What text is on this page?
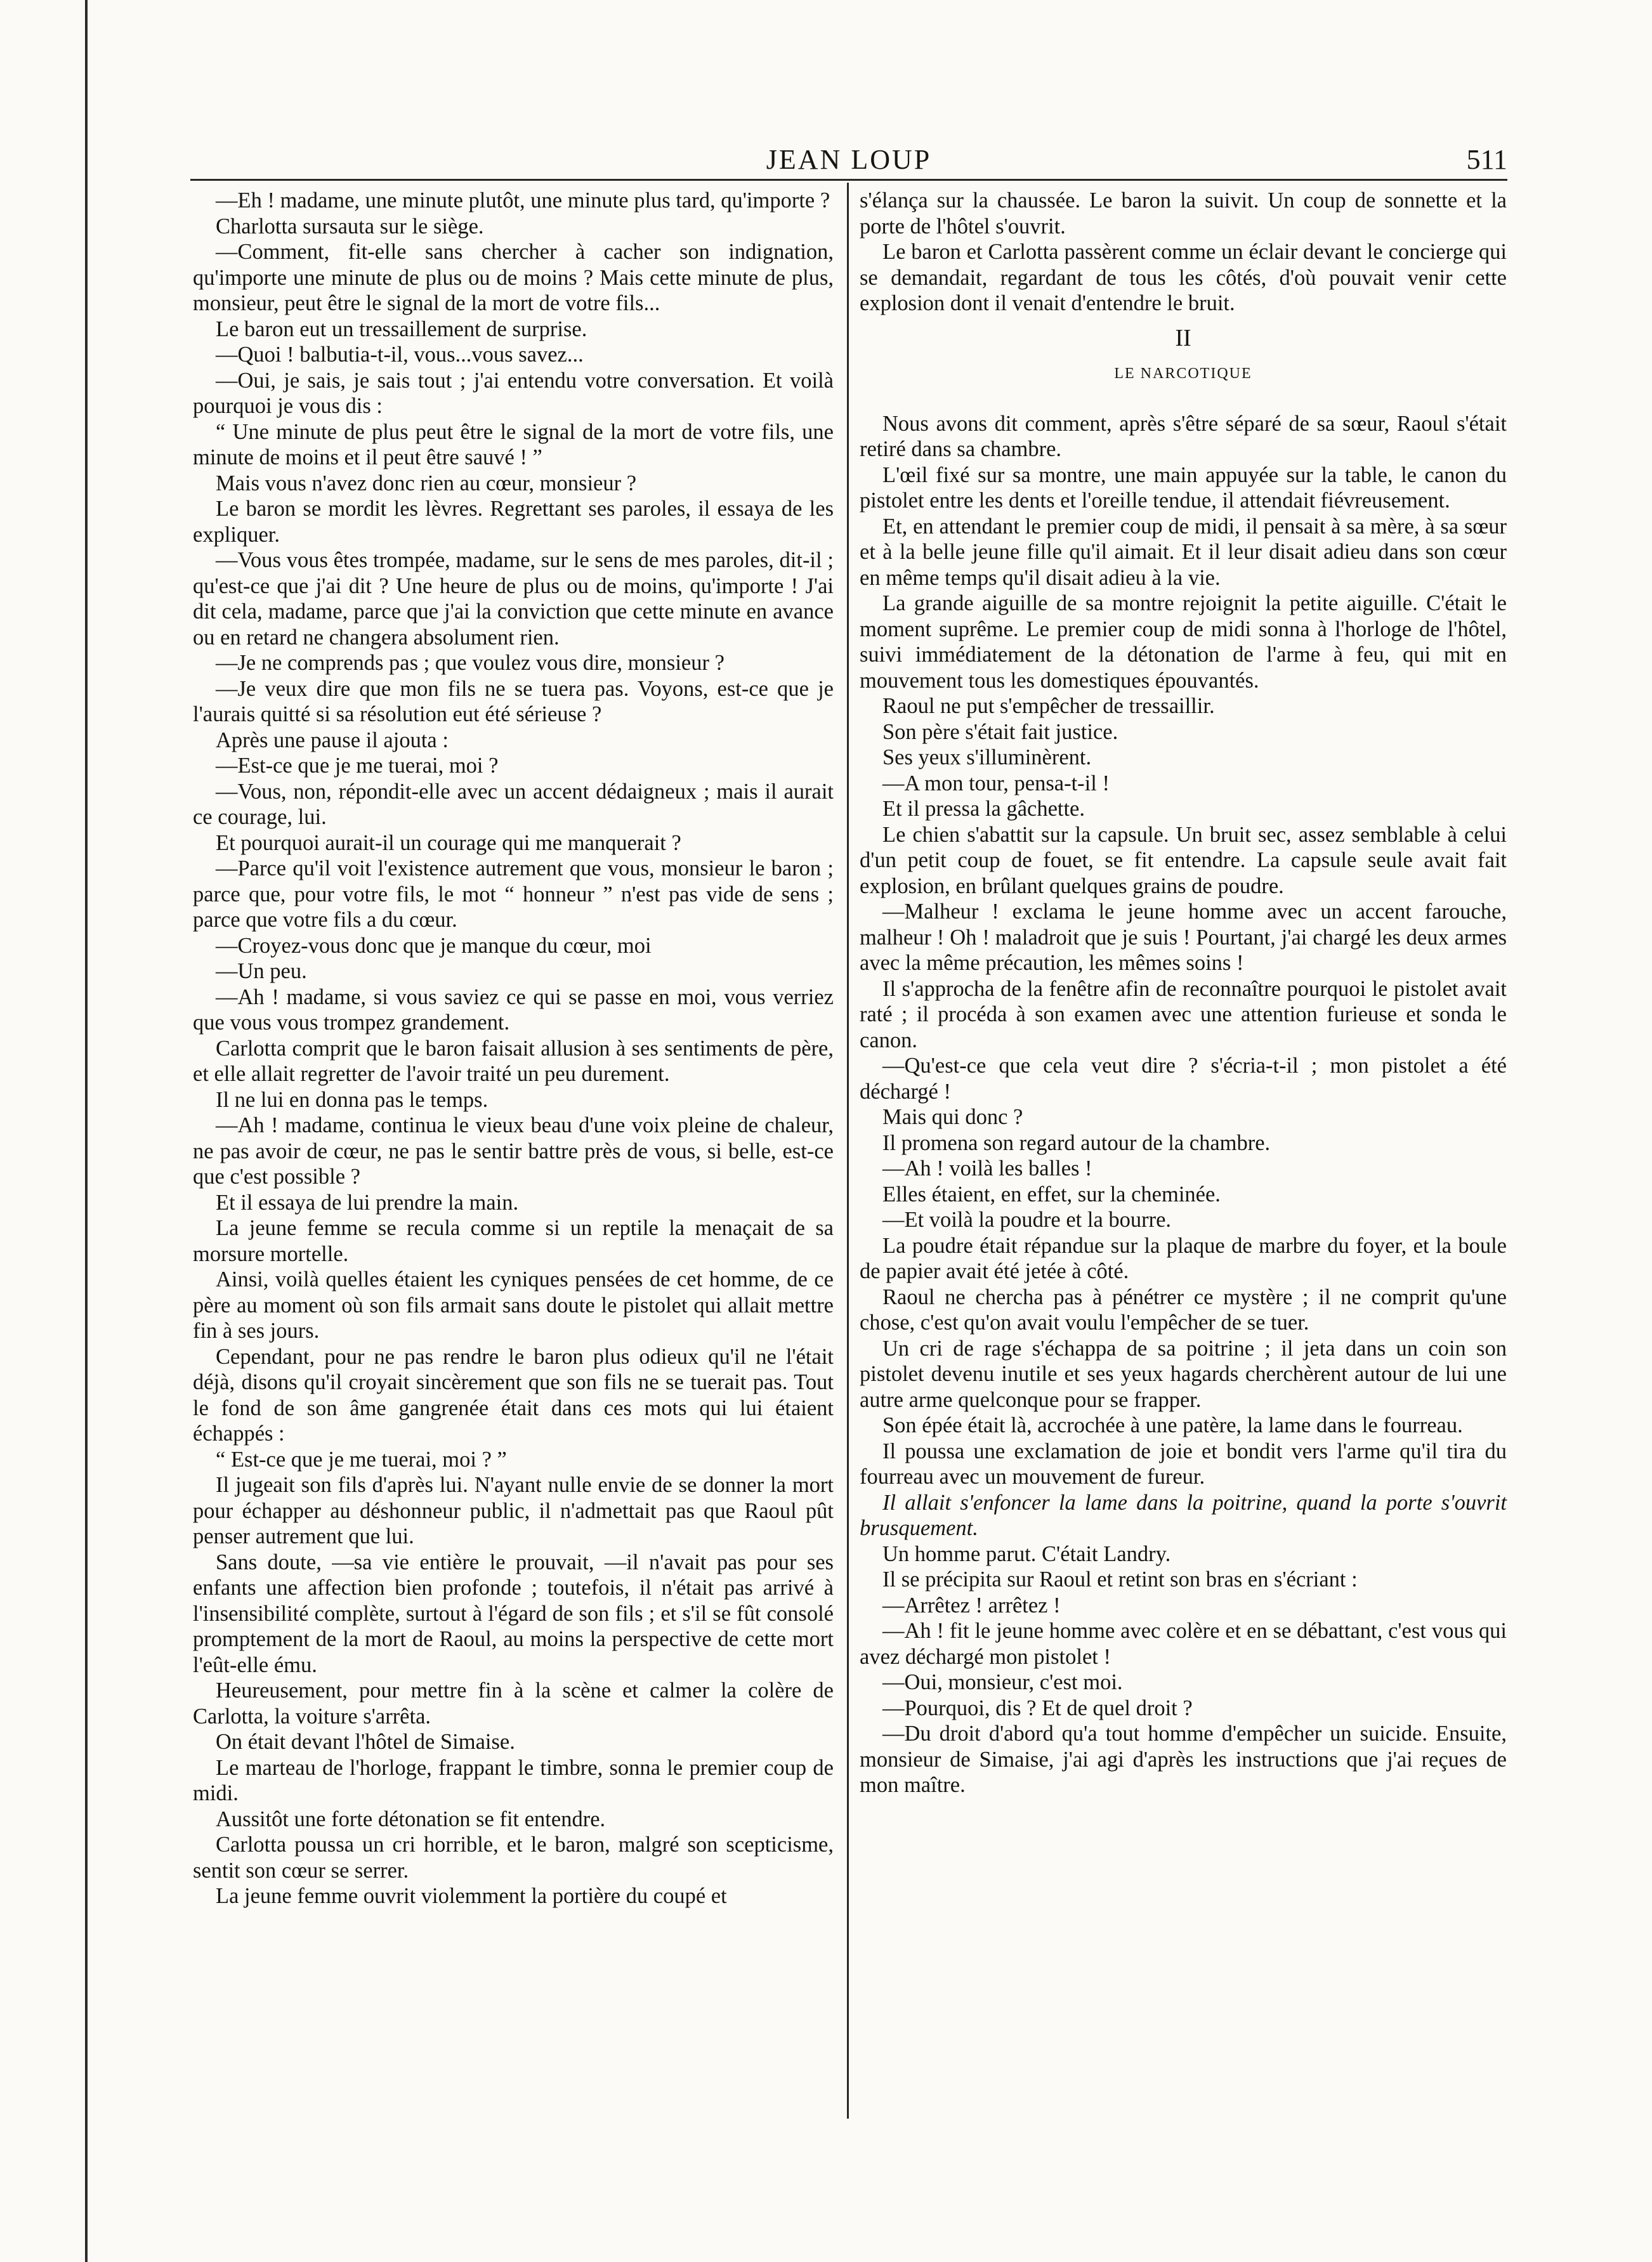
JEAN LOUP	511

—Eh ! madame, une minute plutôt, une minute plus tard, qu'importe ?

Charlotta sursauta sur le siège.

—Comment, fit-elle sans chercher à cacher son indignation, qu'importe une minute de plus ou de moins ? Mais cette minute de plus, monsieur, peut être le signal de la mort de votre fils...

Le baron eut un tressaillement de surprise.

—Quoi ! balbutia-t-il, vous...vous savez...

—Oui, je sais, je sais tout ; j'ai entendu votre conversation. Et voilà pourquoi je vous dis :

“ Une minute de plus peut être le signal de la mort de votre fils, une minute de moins et il peut être sauvé ! ”

Mais vous n'avez donc rien au cœur, monsieur ?

Le baron se mordit les lèvres. Regrettant ses paroles, il essaya de les expliquer.

—Vous vous êtes trompée, madame, sur le sens de mes paroles, dit-il ; qu'est-ce que j'ai dit ? Une heure de plus ou de moins, qu'importe ! J'ai dit cela, madame, parce que j'ai la conviction que cette minute en avance ou en retard ne changera absolument rien.

—Je ne comprends pas ; que voulez vous dire, monsieur ?

—Je veux dire que mon fils ne se tuera pas. Voyons, est-ce que je l'aurais quitté si sa résolution eut été sérieuse ?

Après une pause il ajouta :

—Est-ce que je me tuerai, moi ?

—Vous, non, répondit-elle avec un accent dédaigneux ; mais il aurait ce courage, lui.

Et pourquoi aurait-il un courage qui me manquerait ?

—Parce qu'il voit l'existence autrement que vous, monsieur le baron ; parce que, pour votre fils, le mot “ honneur ” n'est pas vide de sens ; parce que votre fils a du cœur.

—Croyez-vous donc que je manque du cœur, moi

—Un peu.

—Ah ! madame, si vous saviez ce qui se passe en moi, vous verriez que vous vous trompez grandement.

Carlotta comprit que le baron faisait allusion à ses sentiments de père, et elle allait regretter de l'avoir traité un peu durement.

Il ne lui en donna pas le temps.

—Ah ! madame, continua le vieux beau d'une voix pleine de chaleur, ne pas avoir de cœur, ne pas le sentir battre près de vous, si belle, est-ce que c'est possible ?

Et il essaya de lui prendre la main.

La jeune femme se recula comme si un reptile la menaçait de sa morsure mortelle.

Ainsi, voilà quelles étaient les cyniques pensées de cet homme, de ce père au moment où son fils armait sans doute le pistolet qui allait mettre fin à ses jours.

Cependant, pour ne pas rendre le baron plus odieux qu'il ne l'était déjà, disons qu'il croyait sincèrement que son fils ne se tuerait pas. Tout le fond de son âme gangrenée était dans ces mots qui lui étaient échappés :

“ Est-ce que je me tuerai, moi ? ”

Il jugeait son fils d'après lui. N'ayant nulle envie de se donner la mort pour échapper au déshonneur public, il n'admettait pas que Raoul pût penser autrement que lui.

Sans doute, —sa vie entière le prouvait, —il n'avait pas pour ses enfants une affection bien profonde ; toutefois, il n'était pas arrivé à l'insensibilité complète, surtout à l'égard de son fils ; et s'il se fût consolé promptement de la mort de Raoul, au moins la perspective de cette mort l'eût-elle ému.

Heureusement, pour mettre fin à la scène et calmer la colère de Carlotta, la voiture s'arrêta.

On était devant l'hôtel de Simaise.

Le marteau de l'horloge, frappant le timbre, sonna le premier coup de midi.

Aussitôt une forte détonation se fit entendre.

Carlotta poussa un cri horrible, et le baron, malgré son scepticisme, sentit son cœur se serrer.

La jeune femme ouvrit violemment la portière du coupé et

s'élança sur la chaussée. Le baron la suivit. Un coup de sonnette et la porte de l'hôtel s'ouvrit.

Le baron et Carlotta passèrent comme un éclair devant le concierge qui se demandait, regardant de tous les côtés, d'où pouvait venir cette explosion dont il venait d'entendre le bruit.

II
LE NARCOTIQUE

Nous avons dit comment, après s'être séparé de sa sœur, Raoul s'était retiré dans sa chambre.

L'œil fixé sur sa montre, une main appuyée sur la table, le canon du pistolet entre les dents et l'oreille tendue, il attendait fiévreusement.

Et, en attendant le premier coup de midi, il pensait à sa mère, à sa sœur et à la belle jeune fille qu'il aimait. Et il leur disait adieu dans son cœur en même temps qu'il disait adieu à la vie.

La grande aiguille de sa montre rejoignit la petite aiguille. C'était le moment suprême. Le premier coup de midi sonna à l'horloge de l'hôtel, suivi immédiatement de la détonation de l'arme à feu, qui mit en mouvement tous les domestiques épouvantés.

Raoul ne put s'empêcher de tressaillir.

Son père s'était fait justice.

Ses yeux s'illuminèrent.

—A mon tour, pensa-t-il !

Et il pressa la gâchette.

Le chien s'abattit sur la capsule. Un bruit sec, assez semblable à celui d'un petit coup de fouet, se fit entendre. La capsule seule avait fait explosion, en brûlant quelques grains de poudre.

—Malheur ! exclama le jeune homme avec un accent farouche, malheur ! Oh ! maladroit que je suis ! Pourtant, j'ai chargé les deux armes avec la même précaution, les mêmes soins !

Il s'approcha de la fenêtre afin de reconnaître pourquoi le pistolet avait raté ; il procéda à son examen avec une attention furieuse et sonda le canon.

—Qu'est-ce que cela veut dire ? s'écria-t-il ; mon pistolet a été déchargé !

Mais qui donc ?

Il promena son regard autour de la chambre.

—Ah ! voilà les balles !

Elles étaient, en effet, sur la cheminée.

—Et voilà la poudre et la bourre.

La poudre était répandue sur la plaque de marbre du foyer, et la boule de papier avait été jetée à côté.

Raoul ne chercha pas à pénétrer ce mystère ; il ne comprit qu'une chose, c'est qu'on avait voulu l'empêcher de se tuer.

Un cri de rage s'échappa de sa poitrine ; il jeta dans un coin son pistolet devenu inutile et ses yeux hagards cherchèrent autour de lui une autre arme quelconque pour se frapper.

Son épée était là, accrochée à une patère, la lame dans le fourreau.

Il poussa une exclamation de joie et bondit vers l'arme qu'il tira du fourreau avec un mouvement de fureur.

Il allait s'enfoncer la lame dans la poitrine, quand la porte s'ouvrit brusquement.

Un homme parut. C'était Landry.

Il se précipita sur Raoul et retint son bras en s'écriant :

—Arrêtez ! arrêtez !

—Ah ! fit le jeune homme avec colère et en se débattant, c'est vous qui avez déchargé mon pistolet !

—Oui, monsieur, c'est moi.

—Pourquoi, dis ? Et de quel droit ?

—Du droit d'abord qu'a tout homme d'empêcher un suicide. Ensuite, monsieur de Simaise, j'ai agi d'après les instructions que j'ai reçues de mon maître.
